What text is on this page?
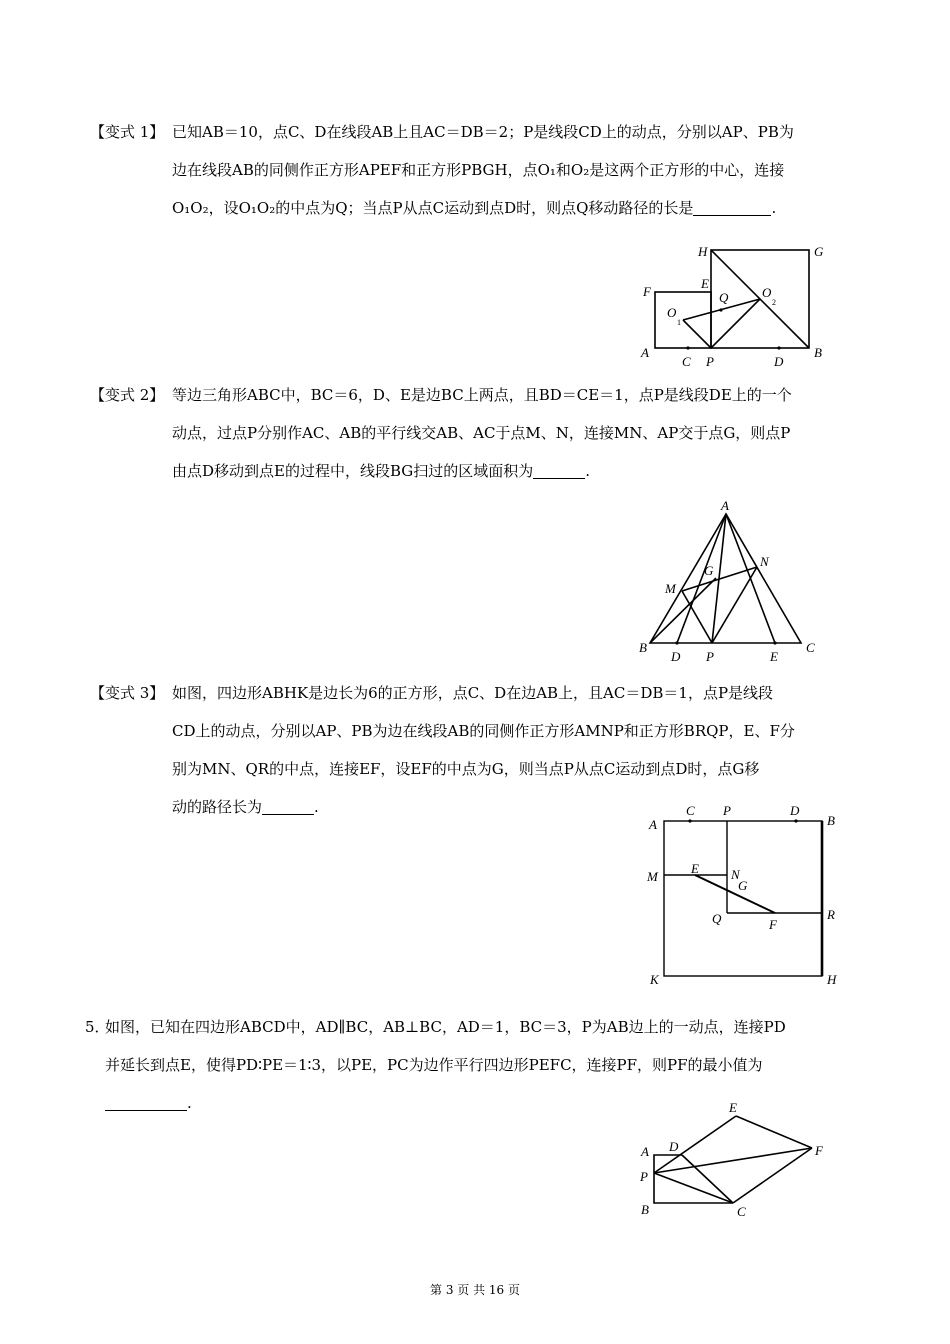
【变式 1】 已知AB＝10，点C、D在线段AB上且AC＝DB＝2；P是线段CD上的动点，分别以AP、PB为
边在线段AB的同侧作正方形APEF和正方形PBGH，点O₁和O₂是这两个正方形的中心，连接
O₁O₂，设O₁O₂的中点为Q；当点P从点C运动到点D时，则点Q移动路径的长是	.
H	G
E
F	Q	O
2
O
1
A
C P	D
B
【变式 2】 等边三角形ABC中，BC＝6，D、E是边BC上两点，且BD＝CE＝1，点P是线段DE上的一个
动点，过点P分别作AC、AB的平行线交AB、AC于点M、N，连接MN、AP交于点G，则点P
由点D移动到点E的过程中，线段BG扫过的区域面积为	.
A
N
G
M
B
D P	E
C
【变式 3】 如图，四边形ABHK是边长为6的正方形，点C、D在边AB上，且AC＝DB＝1，点P是线段
CD上的动点，分别以AP、PB为边在线段AB的同侧作正方形AMNP和正方形BRQP，E、F分
别为MN、QR的中点，连接EF，设EF的中点为G，则当点P从点C运动到点D时，点G移
动的路径长为	.	C P	D
A	B
E N
M
G
Q	R
F
K	H
5．
如图，已知在四边形ABCD中，AD∥BC，AB⊥BC，AD＝1，BC＝3，P为AB边上的一动点，连接PD
并延长到点E，使得PD∶PE＝1∶3，以PE，PC为边作平行四边形PEFC，连接PF，则PF的最小值为
.	E
A D	F
P
B	C
第 3 页 共 16 页
